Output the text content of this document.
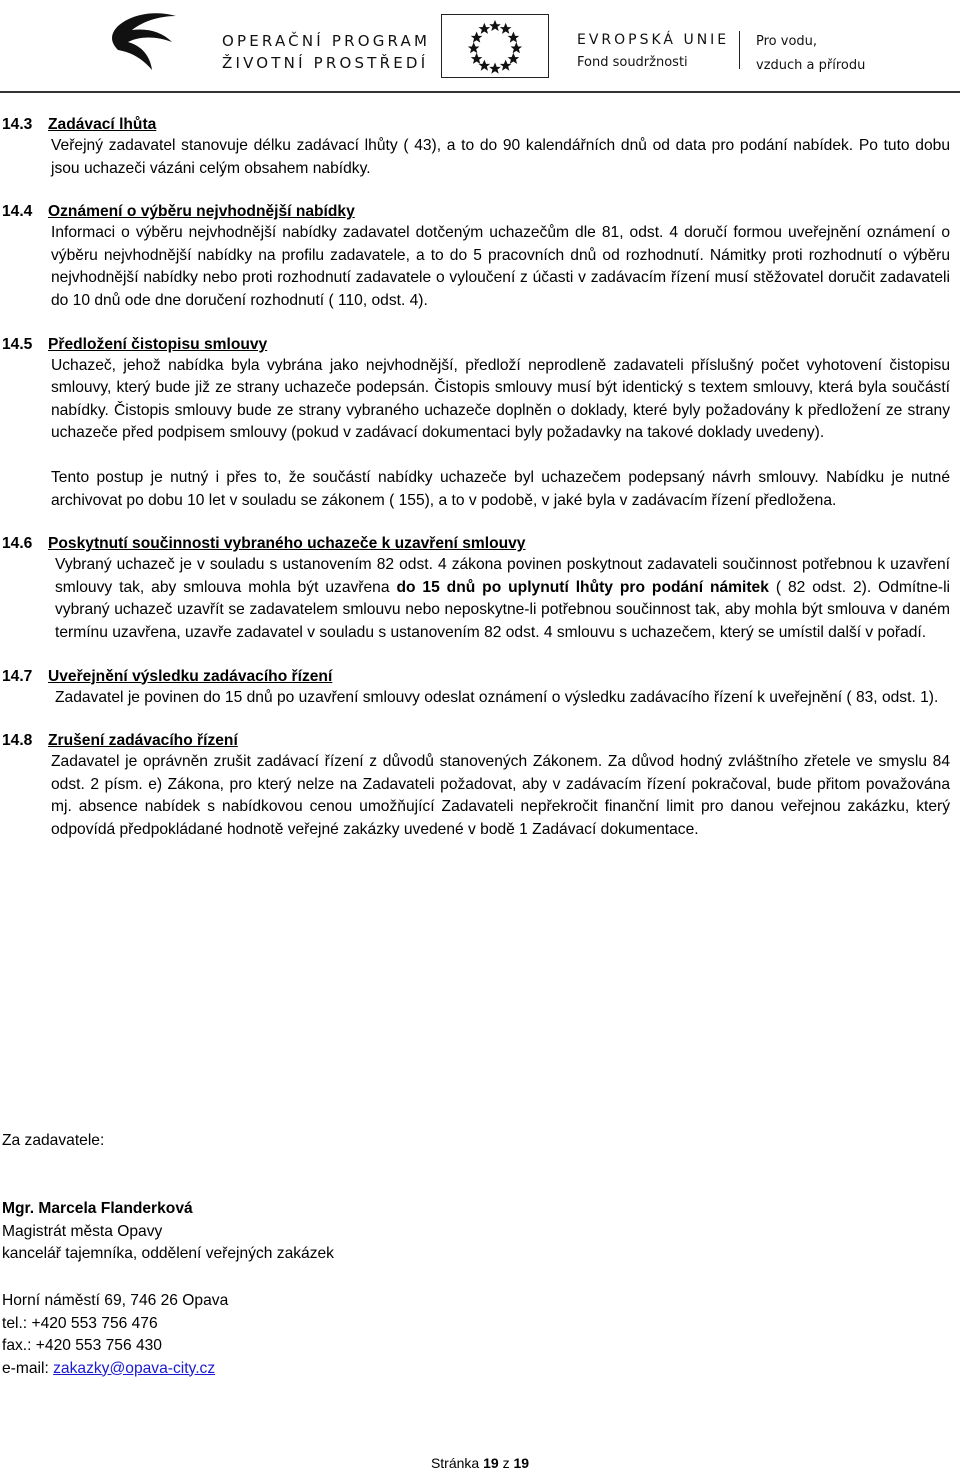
OPERAČNÍ PROGRAM
ŽIVOTNÍ PROSTŘEDÍ
EVROPSKÁ UNIE
Fond soudržnosti
Pro vodu,
vzduch a přírodu
14.3 Zadávací lhůta

Veřejný zadavatel stanovuje délku zadávací lhůty ( 43), a to do 90 kalendářních dnů od data pro podání nabídek. Po tuto dobu jsou uchazeči vázáni celým obsahem nabídky.

14.4 Oznámení o výběru nejvhodnější nabídky

Informaci o výběru nejvhodnější nabídky zadavatel dotčeným uchazečům dle 81, odst. 4 doručí formou uveřejnění oznámení o výběru nejvhodnější nabídky na profilu zadavatele, a to do 5 pracovních dnů od rozhodnutí. Námitky proti rozhodnutí o výběru nejvhodnější nabídky nebo proti rozhodnutí zadavatele o vyloučení z účasti v zadávacím řízení musí stěžovatel doručit zadavateli do 10 dnů ode dne doručení rozhodnutí ( 110, odst. 4).

14.5 Předložení čistopisu smlouvy

Uchazeč, jehož nabídka byla vybrána jako nejvhodnější, předloží neprodleně zadavateli příslušný počet vyhotovení čistopisu smlouvy, který bude již ze strany uchazeče podepsán. Čistopis smlouvy musí být identický s textem smlouvy, která byla součástí nabídky. Čistopis smlouvy bude ze strany vybraného uchazeče doplněn o doklady, které byly požadovány k předložení ze strany uchazeče před podpisem smlouvy (pokud v zadávací dokumentaci byly požadavky na takové doklady uvedeny).

Tento postup je nutný i přes to, že součástí nabídky uchazeče byl uchazečem podepsaný návrh smlouvy. Nabídku je nutné archivovat po dobu 10 let v souladu se zákonem ( 155), a to v podobě, v jaké byla v zadávacím řízení předložena.

14.6 Poskytnutí součinnosti vybraného uchazeče k uzavření smlouvy

Vybraný uchazeč je v souladu s ustanovením 82 odst. 4 zákona povinen poskytnout zadavateli součinnost potřebnou k uzavření smlouvy tak, aby smlouva mohla být uzavřena do 15 dnů po uplynutí lhůty pro podání námitek ( 82 odst. 2). Odmítne-li vybraný uchazeč uzavřít se zadavatelem smlouvu nebo neposkytne-li potřebnou součinnost tak, aby mohla být smlouva v daném termínu uzavřena, uzavře zadavatel v souladu s ustanovením 82 odst. 4 smlouvu s uchazečem, který se umístil další v pořadí.

14.7 Uveřejnění výsledku zadávacího řízení

Zadavatel je povinen do 15 dnů po uzavření smlouvy odeslat oznámení o výsledku zadávacího řízení k uveřejnění ( 83, odst. 1).

14.8 Zrušení zadávacího řízení

Zadavatel je oprávněn zrušit zadávací řízení z důvodů stanovených Zákonem. Za důvod hodný zvláštního zřetele ve smyslu 84 odst. 2 písm. e) Zákona, pro který nelze na Zadavateli požadovat, aby v zadávacím řízení pokračoval, bude přitom považována mj. absence nabídek s nabídkovou cenou umožňující Zadavateli nepřekročit finanční limit pro danou veřejnou zakázku, který odpovídá předpokládané hodnotě veřejné zakázky uvedené v bodě 1 Zadávací dokumentace.

Za zadavatele:
Mgr. Marcela Flanderková
Magistrát města Opavy
kancelář tajemníka, oddělení veřejných zakázek
Horní náměstí 69, 746 26 Opava
tel.: +420 553 756 476
fax.: +420 553 756 430
e-mail: zakazky@opava-city.cz
Stránka 19 z 19
